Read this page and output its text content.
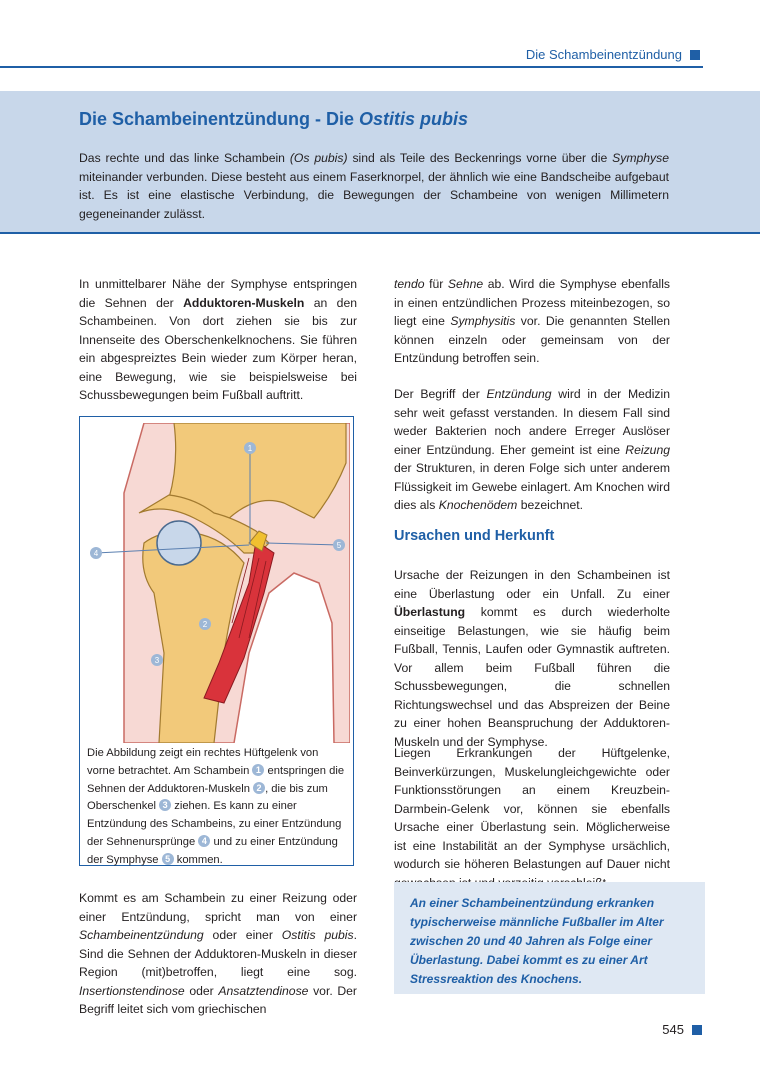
Die Schambeinentzündung
Die Schambeinentzündung - Die Ostitis pubis

Das rechte und das linke Schambein (Os pubis) sind als Teile des Beckenrings vorne über die Symphyse miteinander verbunden. Diese besteht aus einem Faserknorpel, der ähnlich wie eine Bandscheibe aufgebaut ist. Es ist eine elastische Verbindung, die Bewegungen der Schambeine von wenigen Millimetern gegeneinander zulässt.

In unmittelbarer Nähe der Symphyse entspringen die Sehnen der Adduktoren-Muskeln an den Schambeinen. Von dort ziehen sie bis zur Innenseite des Oberschenkelknochens. Sie führen ein abgespreiztes Bein wieder zum Körper heran, eine Bewegung, wie sie beispielsweise bei Schussbewegungen beim Fußball auftritt.

1
2
3
4
5
Die Abbildung zeigt ein rechtes Hüftgelenk von vorne betrachtet. Am Schambein 1 entspringen die Sehnen der Adduktoren-Muskeln 2 , die bis zum Oberschenkel 3 ziehen. Es kann zu einer Entzündung des Schambeins, zu einer Entzündung der Sehnenursprünge 4 und zu einer Entzündung der Symphyse 5 kommen.

Kommt es am Schambein zu einer Reizung oder einer Entzündung, spricht man von einer Schambeinentzündung oder einer Ostitis pubis. Sind die Sehnen der Adduktoren-Muskeln in dieser Region (mit)betroffen, liegt eine sog. Insertionstendinose oder Ansatztendinose vor. Der Begriff leitet sich vom griechischen

tendo für Sehne ab. Wird die Symphyse ebenfalls in einen entzündlichen Prozess miteinbezogen, so liegt eine Symphysitis vor. Die genannten Stellen können einzeln oder gemeinsam von der Entzündung betroffen sein.

Der Begriff der Entzündung wird in der Medizin sehr weit gefasst verstanden. In diesem Fall sind weder Bakterien noch andere Erreger Auslöser einer Entzündung. Eher gemeint ist eine Reizung der Strukturen, in deren Folge sich unter anderem Flüssigkeit im Gewebe einlagert. Am Knochen wird dies als Knochenödem bezeichnet.

Ursachen und Herkunft

Ursache der Reizungen in den Schambeinen ist eine Überlastung oder ein Unfall. Zu einer Überlastung kommt es durch wiederholte einseitige Belastungen, wie sie häufig beim Fußball, Tennis, Laufen oder Gymnastik auftreten. Vor allem beim Fußball führen die Schussbewegungen, die schnellen Richtungswechsel und das Abspreizen der Beine zu einer hohen Beanspruchung der Adduktoren-Muskeln und der Symphyse.

Liegen Erkrankungen der Hüftgelenke, Beinverkürzungen, Muskelungleichgewichte oder Funktionsstörungen an einem Kreuzbein-Darmbein-Gelenk vor, können sie ebenfalls Ursache einer Überlastung sein. Möglicherweise ist eine Instabilität an der Symphyse ursächlich, wodurch sie höheren Belastungen auf Dauer nicht

An einer Schambeinentzündung erkranken typischerweise männliche Fußballer im Alter zwischen 20 und 40 Jahren als Folge einer Überlastung. Dabei kommt es zu einer Art Stressreaktion des Knochens.
545
